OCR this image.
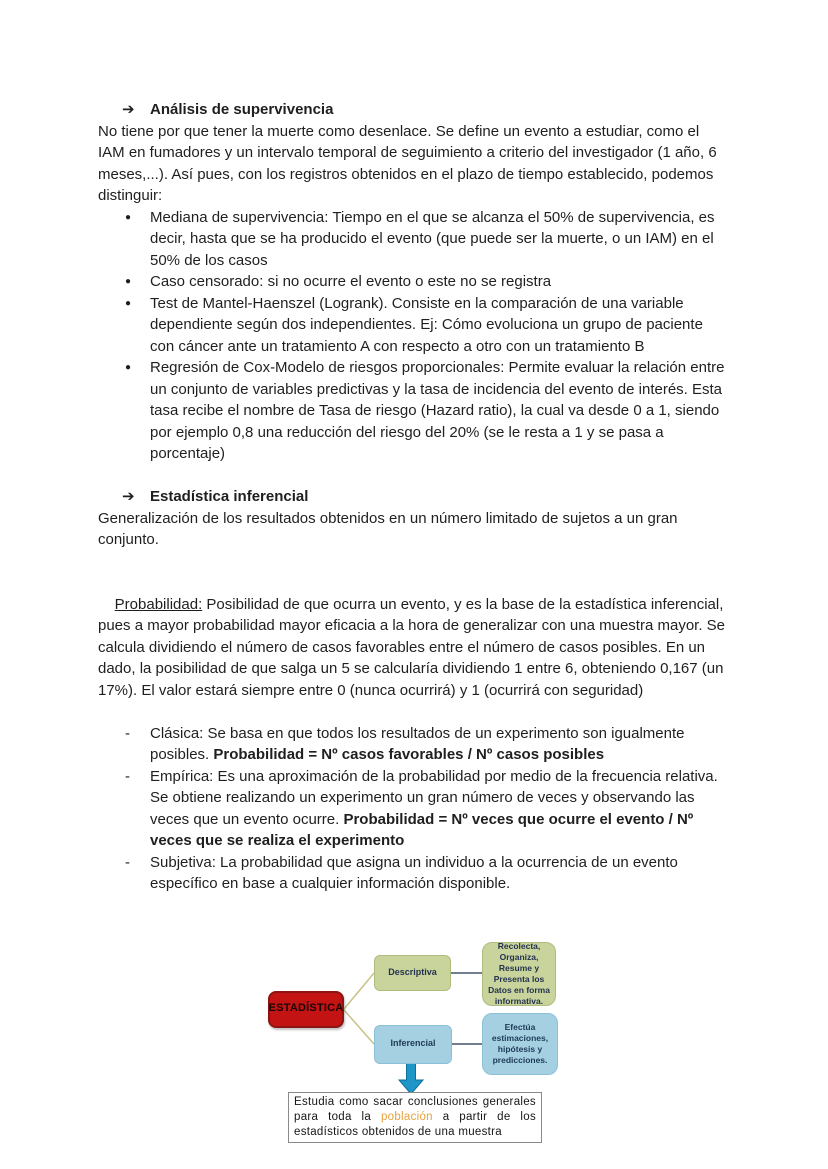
➔	Análisis de supervivencia
No tiene por que tener la muerte como desenlace. Se define un evento a estudiar, como el IAM en fumadores y un intervalo temporal de seguimiento a criterio del investigador (1 año, 6 meses,...). Así pues, con los registros obtenidos en el plazo de tiempo establecido, podemos distinguir:
●	Mediana de supervivencia: Tiempo en el que se alcanza el 50% de supervivencia, es decir, hasta que se ha producido el evento (que puede ser la muerte, o un IAM) en el 50% de los casos
●	Caso censorado: si no ocurre el evento o este no se registra
●	Test de Mantel-Haenszel (Logrank). Consiste en la comparación de una variable dependiente según dos independientes. Ej: Cómo evoluciona un grupo de paciente con cáncer ante un tratamiento A con respecto a otro con un tratamiento B
●	Regresión de Cox-Modelo de riesgos proporcionales: Permite evaluar la relación entre un conjunto de variables predictivas y la tasa de incidencia del evento de interés. Esta tasa recibe el nombre de Tasa de riesgo (Hazard ratio), la cual va desde 0 a 1, siendo por ejemplo 0,8 una reducción del riesgo del 20% (se le resta a 1 y se pasa a porcentaje)
➔	Estadística inferencial
Generalización de los resultados obtenidos en un número limitado de sujetos a un gran conjunto.

Probabilidad: Posibilidad de que ocurra un evento, y es la base de la estadística inferencial, pues a mayor probabilidad mayor eficacia a la hora de generalizar con una muestra mayor. Se calcula dividiendo el número de casos favorables entre el número de casos posibles. En un dado, la posibilidad de que salga un 5 se calcularía dividiendo 1 entre 6, obteniendo 0,167 (un 17%). El valor estará siempre entre 0 (nunca ocurrirá) y 1 (ocurrirá con seguridad)

-	Clásica: Se basa en que todos los resultados de un experimento son igualmente posibles. Probabilidad = Nº casos favorables / Nº casos posibles
-	Empírica: Es una aproximación de la probabilidad por medio de la frecuencia relativa. Se obtiene realizando un experimento un gran número de veces y observando las veces que un evento ocurre. Probabilidad = Nº veces que ocurre el evento / Nº veces que se realiza el experimento
-	Subjetiva: La probabilidad que asigna un individuo a la ocurrencia de un evento específico en base a cualquier información disponible.
ESTADÍSTICA
Descriptiva
Inferencial
Recolecta, Organiza, Resume y Presenta los Datos en forma informativa.
Efectúa estimaciones, hipótesis y predicciones.
Estudia como sacar conclusiones generales para toda la población a partir de los estadísticos obtenidos de una muestra
